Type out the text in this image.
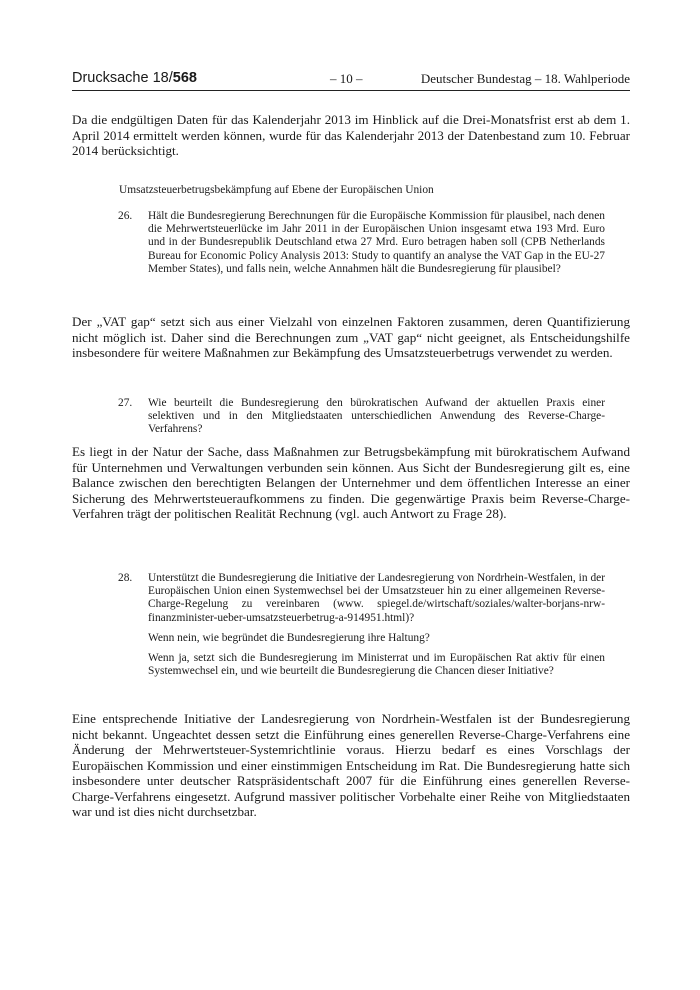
Drucksache 18/568	– 10 –	Deutscher Bundestag – 18. Wahlperiode

Da die endgültigen Daten für das Kalenderjahr 2013 im Hinblick auf die Drei-Monatsfrist erst ab dem 1. April 2014 ermittelt werden können, wurde für das Kalenderjahr 2013 der Datenbestand zum 10. Februar 2014 berücksichtigt.

Umsatzsteuerbetrugsbekämpfung auf Ebene der Europäischen Union

26. Hält die Bundesregierung Berechnungen für die Europäische Kommission für plausibel, nach denen die Mehrwertsteuerlücke im Jahr 2011 in der Europäischen Union insgesamt etwa 193 Mrd. Euro und in der Bundesrepublik Deutschland etwa 27 Mrd. Euro betragen haben soll (CPB Netherlands Bureau for Economic Policy Analysis 2013: Study to quantify an analyse the VAT Gap in the EU-27 Member States), und falls nein, welche Annahmen hält die Bundesregierung für plausibel?

Der „VAT gap“ setzt sich aus einer Vielzahl von einzelnen Faktoren zusammen, deren Quantifizierung nicht möglich ist. Daher sind die Berechnungen zum „VAT gap“ nicht geeignet, als Entscheidungshilfe insbesondere für weitere Maßnahmen zur Bekämpfung des Umsatzsteuerbetrugs verwendet zu werden.

27. Wie beurteilt die Bundesregierung den bürokratischen Aufwand der aktuellen Praxis einer selektiven und in den Mitgliedstaaten unterschiedlichen Anwendung des Reverse-Charge-Verfahrens?

Es liegt in der Natur der Sache, dass Maßnahmen zur Betrugsbekämpfung mit bürokratischem Aufwand für Unternehmen und Verwaltungen verbunden sein können. Aus Sicht der Bundesregierung gilt es, eine Balance zwischen den berechtigten Belangen der Unternehmer und dem öffentlichen Interesse an einer Sicherung des Mehrwertsteueraufkommens zu finden. Die gegenwärtige Praxis beim Reverse-Charge-Verfahren trägt der politischen Realität Rechnung (vgl. auch Antwort zu Frage 28).

28. Unterstützt die Bundesregierung die Initiative der Landesregierung von Nordrhein-Westfalen, in der Europäischen Union einen Systemwechsel bei der Umsatzsteuer hin zu einer allgemeinen Reverse-Charge-Regelung zu vereinbaren (www. spiegel.de/wirtschaft/soziales/walter-borjans-nrw-finanzminister-ueber-umsatzsteuerbetrug-a-914951.html)?

Wenn nein, wie begründet die Bundesregierung ihre Haltung?

Wenn ja, setzt sich die Bundesregierung im Ministerrat und im Europäischen Rat aktiv für einen Systemwechsel ein, und wie beurteilt die Bundesregierung die Chancen dieser Initiative?

Eine entsprechende Initiative der Landesregierung von Nordrhein-Westfalen ist der Bundesregierung nicht bekannt. Ungeachtet dessen setzt die Einführung eines generellen Reverse-Charge-Verfahrens eine Änderung der Mehrwertsteuer-Systemrichtlinie voraus. Hierzu bedarf es eines Vorschlags der Europäischen Kommission und einer einstimmigen Entscheidung im Rat. Die Bundesregierung hatte sich insbesondere unter deutscher Ratspräsidentschaft 2007 für die Einführung eines generellen Reverse-Charge-Verfahrens eingesetzt. Aufgrund massiver politischer Vorbehalte einer Reihe von Mitgliedstaaten war und ist dies nicht durchsetzbar.
